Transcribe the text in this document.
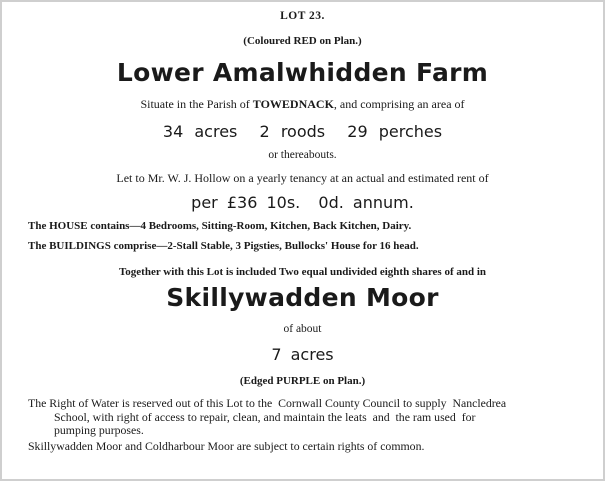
LOT 23.
(Coloured RED on Plan.)
Lower Amalwhidden Farm
Situate in the Parish of TOWEDNACK, and comprising an area of
34 acres  2 roods  29 perches
or thereabouts.
Let to Mr. W. J. Hollow on a yearly tenancy at an actual and estimated rent of
per £36 10s.  0d. annum.
The HOUSE contains—4 Bedrooms, Sitting-Room, Kitchen, Back Kitchen, Dairy.
The BUILDINGS comprise—2-Stall Stable, 3 Pigsties, Bullocks' House for 16 head.
Together with this Lot is included Two equal undivided eighth shares of and in
Skillywadden Moor
of about
7 acres
(Edged PURPLE on Plan.)
The Right of Water is reserved out of this Lot to the  Cornwall County Council to supply  Nancledrea
School, with right of access to repair, clean, and maintain the leats  and  the ram used  for
pumping purposes.
Skillywadden Moor and Coldharbour Moor are subject to certain rights of common.
